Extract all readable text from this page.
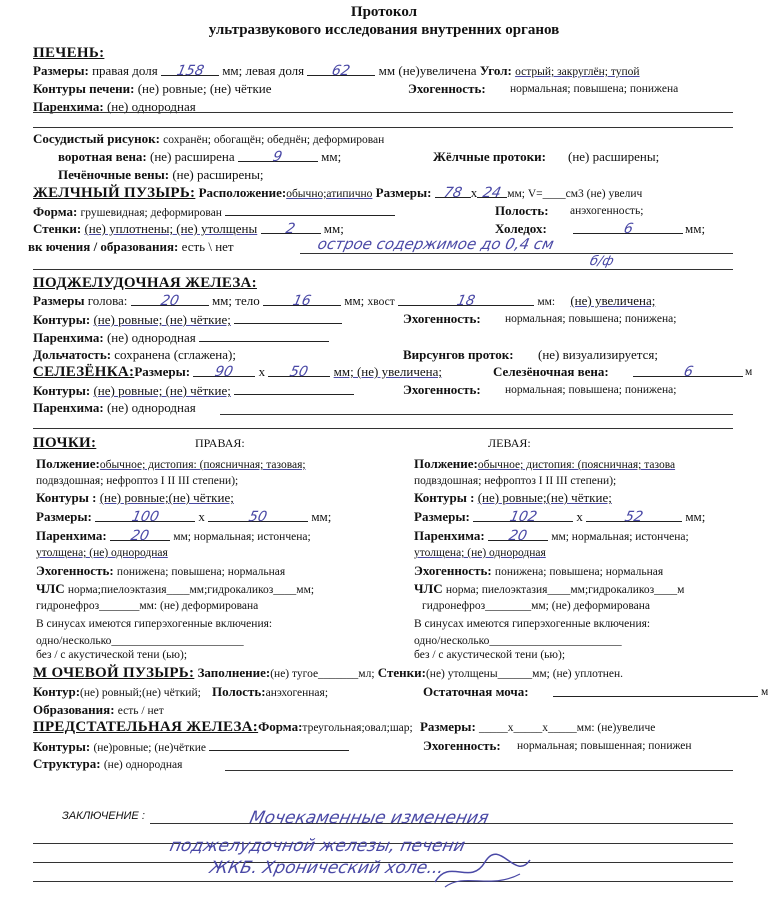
Протокол
ультразвукового исследования внутренних органов
ПЕЧЕНЬ:
Размеры: правая доля 158 мм; левая доля 62 мм (не)увеличена Угол: острый; закруглён; тупой
Контуры печени: (не) ровные; (не) чёткие	Эхогенность: нормальная; повышена; понижена
Паренхима: (не) однородная
Сосудистый рисунок: сохранён; обогащён; обеднён; деформирован
воротная вена: (не) расширена	9	мм;	Жёлчные протоки: (не) расширены;
Печёночные вены: (не) расширены;
ЖЕЛЧНЫЙ ПУЗЫРЬ: Расположение:обычно;атипично Размеры: 78 х 24 мм; V=____см3 (не) увелич
Форма: грушевидная; деформирован	Полость: анэхогенность;
Стенки: (не) уплотнены; (не) утолщены 2 мм;	Холедох:	6	мм;
вк ючения / образования: есть \ нет	острое содержимое до 0,4 см
б/ф
ПОДЖЕЛУДОЧНАЯ ЖЕЛЕЗА:
Размеры голова: 20 мм; тело 16 мм; хвост	18	мм: (не) увеличена;
Контуры: (не) ровные; (не) чёткие;	Эхогенность: нормальная; повышена; понижена;
Паренхима: (не) однородная
Дольчатость: сохранена (сглажена);	Вирсунгов проток: (не) визуализируется;
СЕЛЕЗЁНКА:Размеры: 90 х 50 мм; (не) увеличена;	Селезёночная вена:	6	м
Контуры: (не) ровные; (не) чёткие;	Эхогенность: нормальная; повышена; понижена;
Паренхима: (не) однородная
ПОЧКИ:	ПРАВАЯ:	ЛЕВАЯ:
Полжение:обычное; дистопия: (поясничная; тазовая;
подвздошная; нефроптоз I II III степени);
Контуры : (не) ровные;(не) чёткие;
Размеры:	100	х	50	мм;
Паренхима: 20 мм; нормальная; истончена;
утолщена; (не) однородная
Эхогенность: понижена; повышена; нормальная
ЧЛС норма;пиелоэктазия____мм;гидрокаликоз____мм;
гидронефроз_______мм: (не) деформирована
В синусах имеются гиперэхогенные включения:
одно/несколько_______________________
без / с акустической тени (ью);
Полжение:обычное; дистопия: (поясничная; тазова
подвздошная; нефроптоз I II III степени);
Контуры : (не) ровные;(не) чёткие;
Размеры:	102	х	52	мм;
Паренхима: 20 мм; нормальная; истончена;
утолщена; (не) однородная
Эхогенность: понижена; повышена; нормальная
ЧЛС норма; пиелоэктазия____мм;гидрокаликоз____м
гидронефроз________мм; (не) деформирована
В синусах имеются гиперэхогенные включения:
одно/несколько_______________________
без / с акустической тени (ью);
М ОЧЕВОЙ ПУЗЫРЬ: Заполнение:(не) тугое_______мл; Стенки:(не) утолщены______мм; (не) уплотнен.
Контур:(не) ровный;(не) чёткий; Полость:анэхогенная;	Остаточная моча:	м
Образования: есть / нет
ПРЕДСТАТЕЛЬНАЯ ЖЕЛЕЗА:Форма:треугольная;овал;шар; Размеры: _____х_____х_____мм: (не)увеличе
Контуры: (не)ровные; (не)чёткие	Эхогенность: нормальная; повышенная; понижен
Структура: (не) однородная
ЗАКЛЮЧЕНИЕ :	Мочекаменные изменения
поджелудочной железы, печени
ЖКБ. Хронический холе...
